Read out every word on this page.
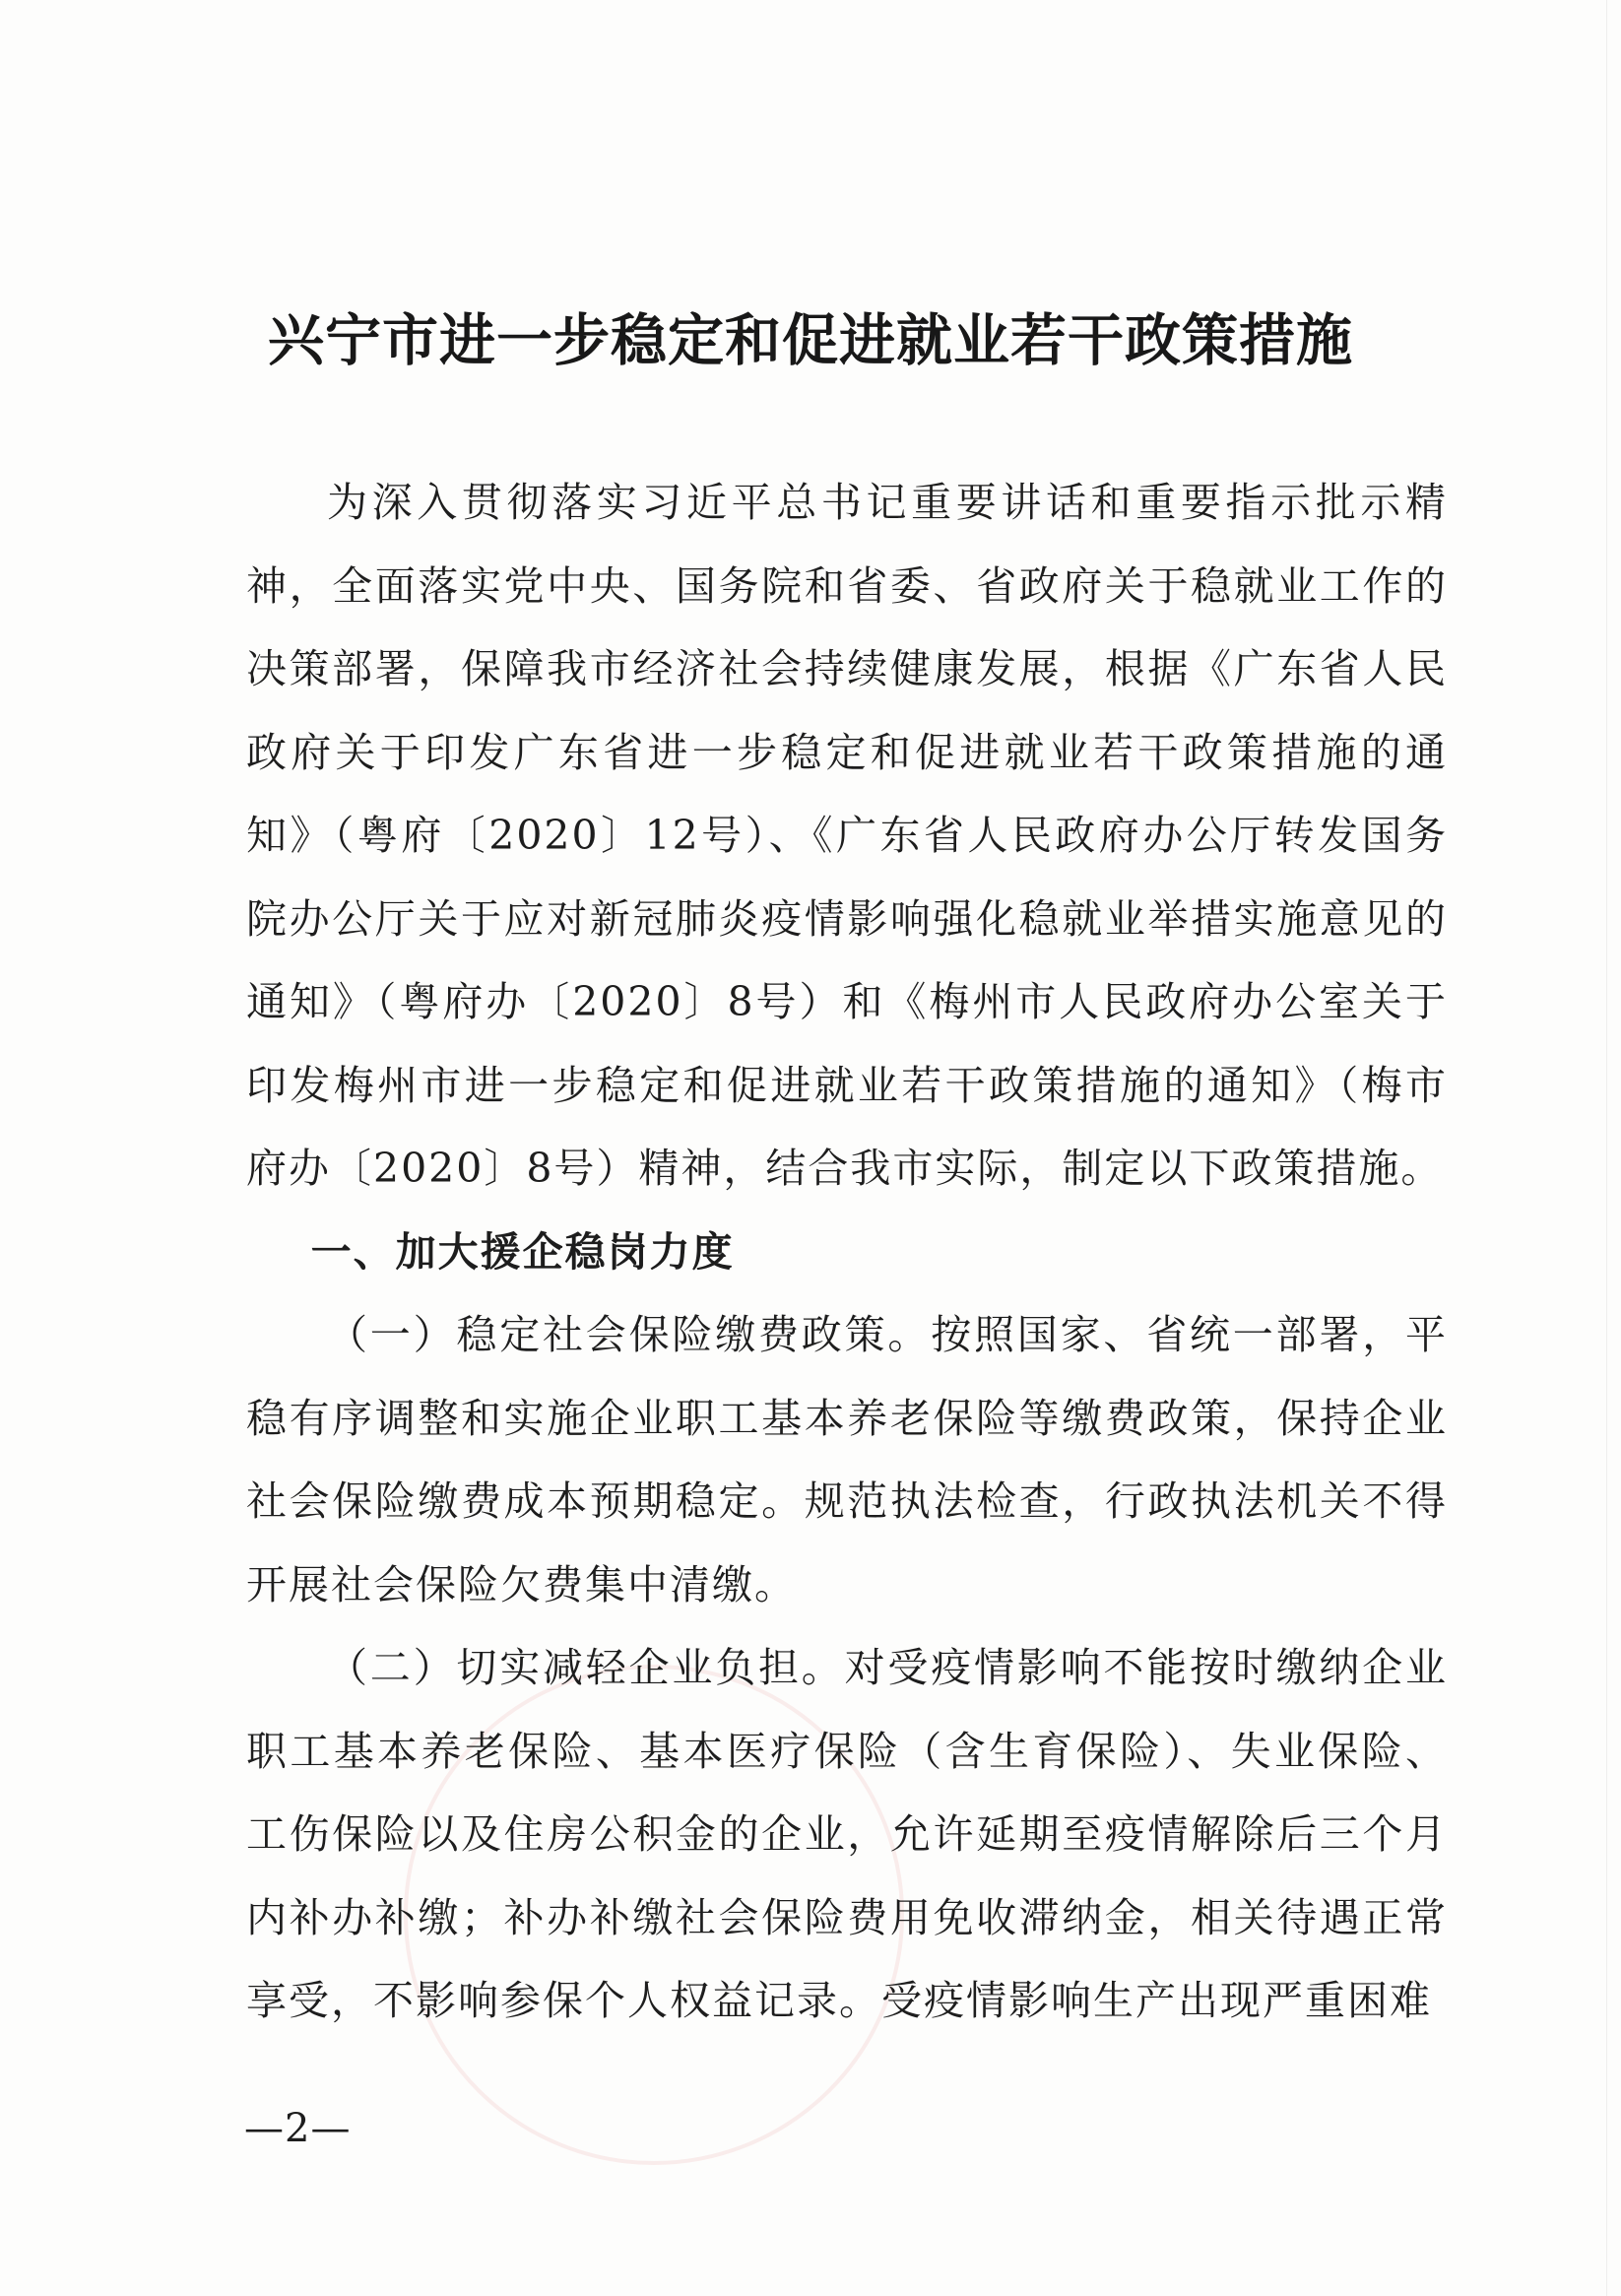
兴宁市进一步稳定和促进就业若干政策措施

为深入贯彻落实习近平总书记重要讲话和重要指示批示精神，全面落实党中央、国务院和省委、省政府关于稳就业工作的决策部署，保障我市经济社会持续健康发展，根据《广东省人民政府关于印发广东省进一步稳定和促进就业若干政策措施的通知》（粤府〔2020〕12号）、《广东省人民政府办公厅转发国务院办公厅关于应对新冠肺炎疫情影响强化稳就业举措实施意见的通知》（粤府办〔2020〕8号）和《梅州市人民政府办公室关于印发梅州市进一步稳定和促进就业若干政策措施的通知》（梅市府办〔2020〕8号）精神，结合我市实际，制定以下政策措施。

一、加大援企稳岗力度

（一）稳定社会保险缴费政策。按照国家、省统一部署，平稳有序调整和实施企业职工基本养老保险等缴费政策，保持企业社会保险缴费成本预期稳定。规范执法检查，行政执法机关不得开展社会保险欠费集中清缴。

（二）切实减轻企业负担。对受疫情影响不能按时缴纳企业职工基本养老保险、基本医疗保险（含生育保险）、失业保险、工伤保险以及住房公积金的企业，允许延期至疫情解除后三个月内补办补缴；补办补缴社会保险费用免收滞纳金，相关待遇正常享受，不影响参保个人权益记录。受疫情影响生产出现严重困难

—2—
